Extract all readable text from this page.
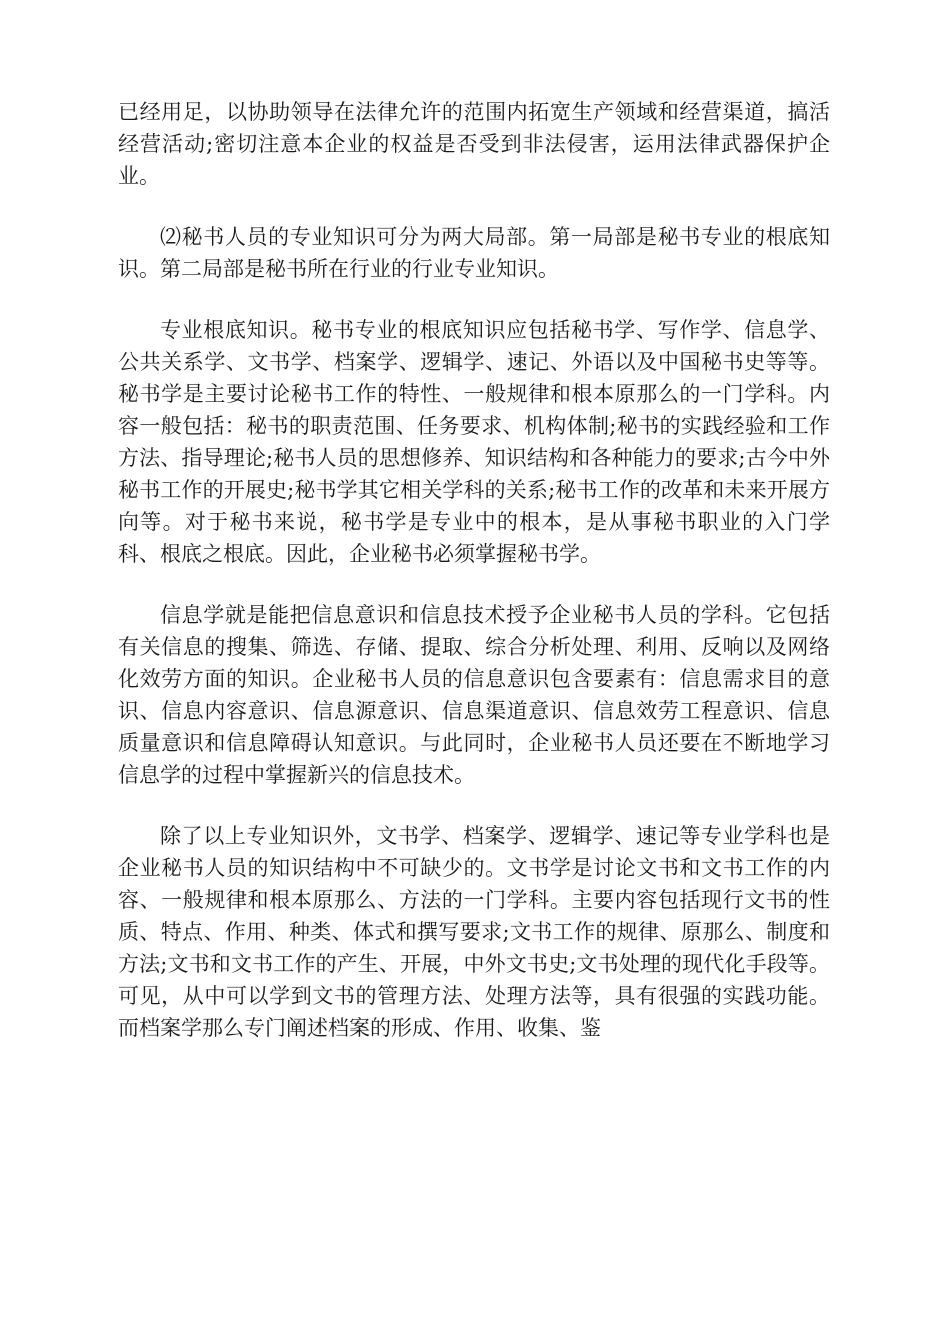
已经用足，以协助领导在法律允许的范围内拓宽生产领域和经营渠道，搞活经营活动;密切注意本企业的权益是否受到非法侵害，运用法律武器保护企业。

⑵秘书人员的专业知识可分为两大局部。第一局部是秘书专业的根底知识。第二局部是秘书所在行业的行业专业知识。

专业根底知识。秘书专业的根底知识应包括秘书学、写作学、信息学、公共关系学、文书学、档案学、逻辑学、速记、外语以及中国秘书史等等。秘书学是主要讨论秘书工作的特性、一般规律和根本原那么的一门学科。内容一般包括：秘书的职责范围、任务要求、机构体制;秘书的实践经验和工作方法、指导理论;秘书人员的思想修养、知识结构和各种能力的要求;古今中外秘书工作的开展史;秘书学其它相关学科的关系;秘书工作的改革和未来开展方向等。对于秘书来说，秘书学是专业中的根本，是从事秘书职业的入门学科、根底之根底。因此，企业秘书必须掌握秘书学。

信息学就是能把信息意识和信息技术授予企业秘书人员的学科。它包括有关信息的搜集、筛选、存储、提取、综合分析处理、利用、反响以及网络化效劳方面的知识。企业秘书人员的信息意识包含要素有：信息需求目的意识、信息内容意识、信息源意识、信息渠道意识、信息效劳工程意识、信息质量意识和信息障碍认知意识。与此同时，企业秘书人员还要在不断地学习信息学的过程中掌握新兴的信息技术。

除了以上专业知识外，文书学、档案学、逻辑学、速记等专业学科也是企业秘书人员的知识结构中不可缺少的。文书学是讨论文书和文书工作的内容、一般规律和根本原那么、方法的一门学科。主要内容包括现行文书的性质、特点、作用、种类、体式和撰写要求;文书工作的规律、原那么、制度和方法;文书和文书工作的产生、开展，中外文书史;文书处理的现代化手段等。可见，从中可以学到文书的管理方法、处理方法等，具有很强的实践功能。而档案学那么专门阐述档案的形成、作用、收集、鉴
